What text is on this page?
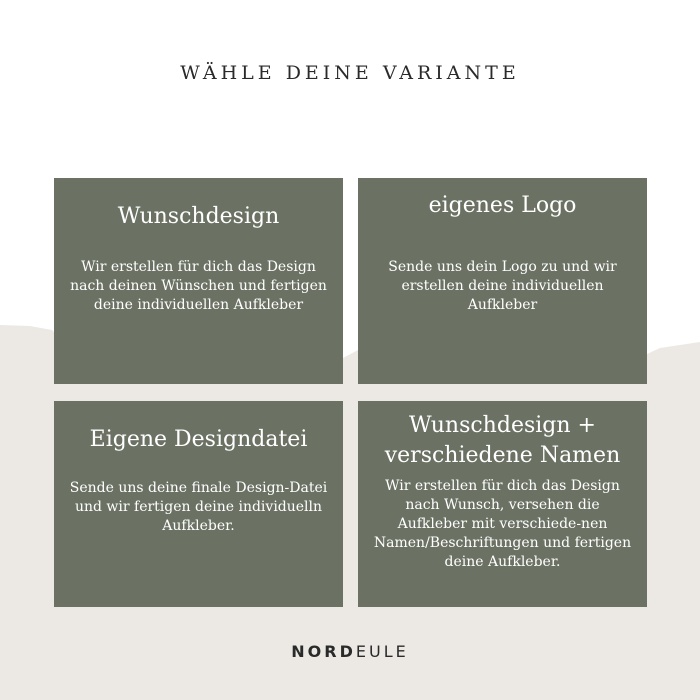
WÄHLE DEINE VARIANTE
Wunschdesign
Wir erstellen für dich das Design nach deinen Wünschen und fertigen deine individuellen Aufkleber
eigenes Logo
Sende uns dein Logo zu und wir erstellen deine individuellen Aufkleber
Eigene Designdatei
Sende uns deine finale Design-Datei und wir fertigen deine individuelln Aufkleber.
Wunschdesign + verschiedene Namen
Wir erstellen für dich das Design nach Wunsch, versehen die Aufkleber mit verschiede-nen Namen/Beschriftungen und fertigen deine Aufkleber.
NORDEULE
